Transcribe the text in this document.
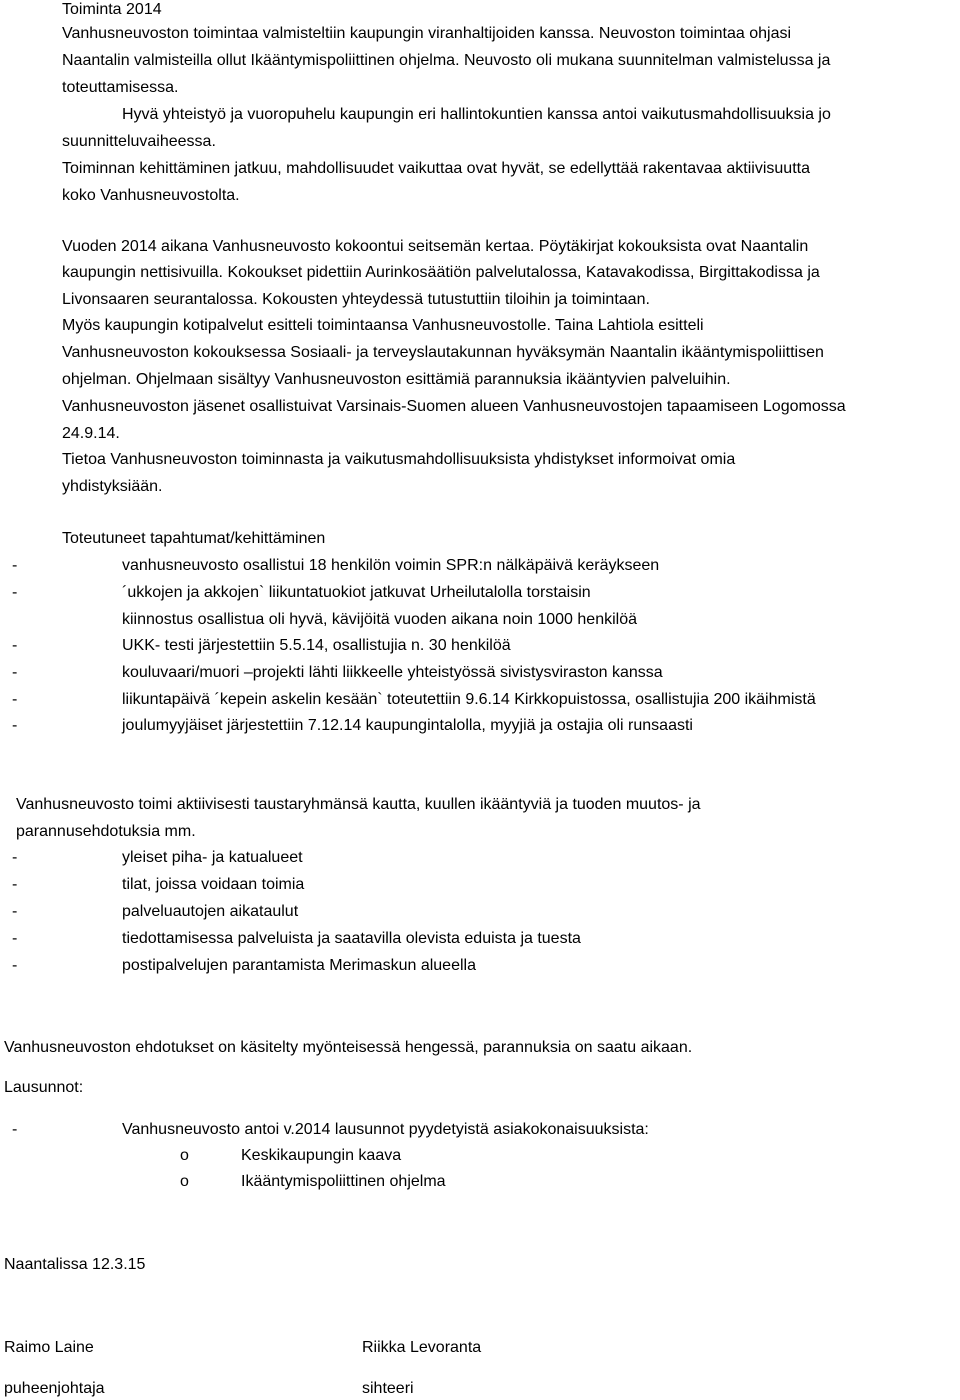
Toiminta 2014
Vanhusneuvoston toimintaa valmisteltiin kaupungin viranhaltijoiden kanssa. Neuvoston toimintaa ohjasi
Naantalin valmisteilla ollut Ikääntymispoliittinen ohjelma. Neuvosto oli mukana suunnitelman valmistelussa ja
toteuttamisessa.
Hyvä yhteistyö ja vuoropuhelu kaupungin eri hallintokuntien kanssa antoi vaikutusmahdollisuuksia jo
suunnitteluvaiheessa.
Toiminnan kehittäminen jatkuu, mahdollisuudet vaikuttaa ovat hyvät, se edellyttää rakentavaa aktiivisuutta
koko Vanhusneuvostolta.
Vuoden 2014 aikana Vanhusneuvosto kokoontui seitsemän kertaa. Pöytäkirjat kokouksista ovat Naantalin
kaupungin nettisivuilla. Kokoukset pidettiin Aurinkosäätiön palvelutalossa, Katavakodissa, Birgittakodissa ja
Livonsaaren seurantalossa. Kokousten yhteydessä tutustuttiin tiloihin ja toimintaan.
Myös kaupungin kotipalvelut esitteli toimintaansa Vanhusneuvostolle. Taina Lahtiola esitteli
Vanhusneuvoston kokouksessa Sosiaali- ja terveyslautakunnan hyväksymän Naantalin ikääntymispoliittisen
ohjelman. Ohjelmaan sisältyy Vanhusneuvoston esittämiä parannuksia ikääntyvien palveluihin.
Vanhusneuvoston jäsenet osallistuivat Varsinais-Suomen alueen Vanhusneuvostojen tapaamiseen Logomossa
24.9.14.
Tietoa Vanhusneuvoston toiminnasta ja vaikutusmahdollisuuksista yhdistykset informoivat omia
yhdistyksiään.
Toteutuneet tapahtumat/kehittäminen
-	vanhusneuvosto osallistui 18 henkilön voimin SPR:n nälkäpäivä keräykseen
-	´ukkojen ja akkojen` liikuntatuokiot jatkuvat Urheilutalolla torstaisin
kiinnostus osallistua oli hyvä, kävijöitä vuoden aikana noin 1000 henkilöä
-	UKK- testi järjestettiin 5.5.14, osallistujia n. 30 henkilöä
-	kouluvaari/muori –projekti lähti liikkeelle yhteistyössä sivistysviraston kanssa
-	liikuntapäivä ´kepein askelin kesään` toteutettiin 9.6.14 Kirkkopuistossa, osallistujia 200 ikäihmistä
-	joulumyyjäiset järjestettiin 7.12.14 kaupungintalolla, myyjiä ja ostajia oli runsaasti
Vanhusneuvosto toimi aktiivisesti taustaryhmänsä kautta, kuullen ikääntyviä ja tuoden muutos- ja
parannusehdotuksia mm.
-	yleiset piha- ja katualueet
-	tilat, joissa voidaan toimia
-	palveluautojen aikataulut
-	tiedottamisessa palveluista ja saatavilla olevista eduista ja tuesta
-	postipalvelujen parantamista Merimaskun alueella
Vanhusneuvoston ehdotukset on käsitelty myönteisessä hengessä, parannuksia on saatu aikaan.
Lausunnot:
-	Vanhusneuvosto antoi v.2014 lausunnot pyydetyistä asiakokonaisuuksista:
o	Keskikaupungin kaava
o	Ikääntymispoliittinen ohjelma
Naantalissa 12.3.15
Raimo Laine	Riikka Levoranta
puheenjohtaja	sihteeri
